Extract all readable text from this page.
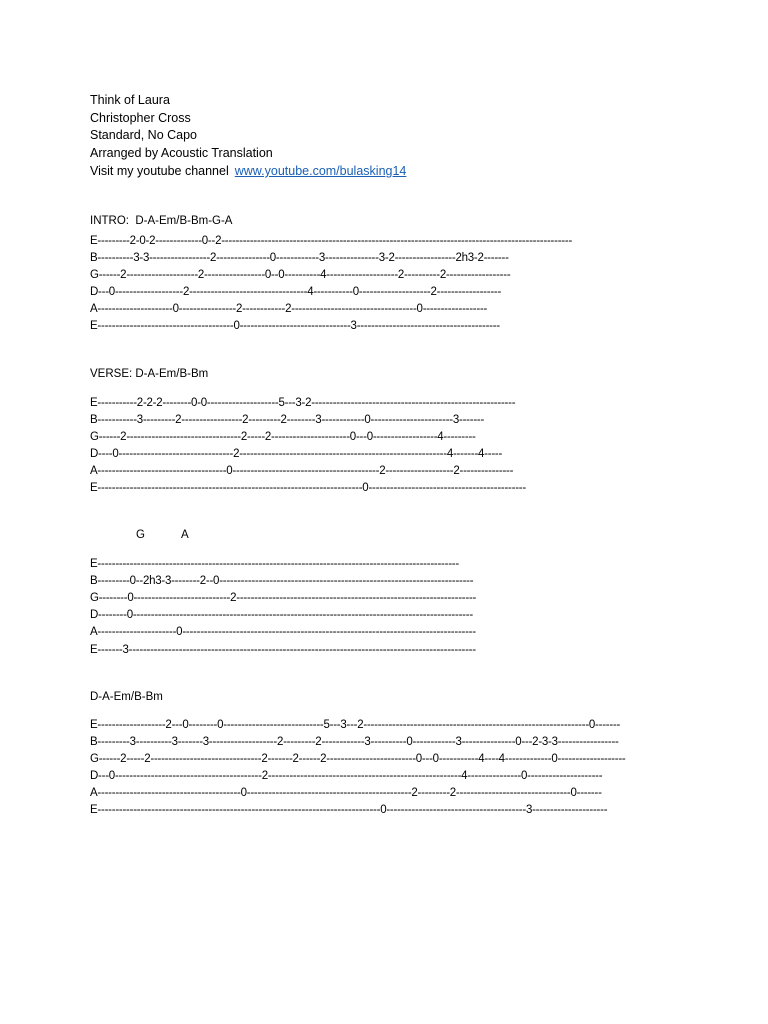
Think of Laura
Christopher Cross
Standard, No Capo
Arranged by Acoustic Translation
Visit my youtube channel www.youtube.com/bulasking14
INTRO:  D-A-Em/B-Bm-G-A
E---------2-0-2-------------0--2--------------------------------------------------------------------------------------------------
B----------3-3-----------------2---------------0------------3---------------3-2-----------------2h3-2-------
G------2--------------------2-----------------0--0----------4--------------------2----------2------------------
D---0-------------------2---------------------------------4-----------0--------------------2------------------
A---------------------0----------------2------------2-----------------------------------0------------------
E--------------------------------------0-------------------------------3----------------------------------------
VERSE: D-A-Em/B-Bm
E-----------2-2-2--------0-0--------------------5---3-2---------------------------------------------------------
B-----------3---------2-----------------2---------2--------3------------0-----------------------3-------
G------2--------------------------------2-----2----------------------0---0------------------4---------
D----0--------------------------------2----------------------------------------------------------4-------4-----
A------------------------------------0-----------------------------------------2-------------------2---------------
E--------------------------------------------------------------------------0--------------------------------------------
G	A
E-----------------------------------------------------------------------------------------------------
B---------0--2h3-3--------2--0-----------------------------------------------------------------------
G--------0---------------------------2-------------------------------------------------------------------
D--------0-----------------------------------------------------------------------------------------------
A----------------------0----------------------------------------------------------------------------------
E-------3-------------------------------------------------------------------------------------------------
D-A-Em/B-Bm
E-------------------2---0--------0----------------------------5---3---2---------------------------------------------------------------0-------
B---------3----------3-------3-------------------2---------2------------3----------0------------3---------------0---2-3-3-----------------
G------2-----2-------------------------------2-------2------2-------------------------0---0-----------4----4-------------0-------------------
D---0-----------------------------------------2------------------------------------------------------4---------------0---------------------
A----------------------------------------0----------------------------------------------2---------2--------------------------------0-------
E-------------------------------------------------------------------------------0---------------------------------------3---------------------
